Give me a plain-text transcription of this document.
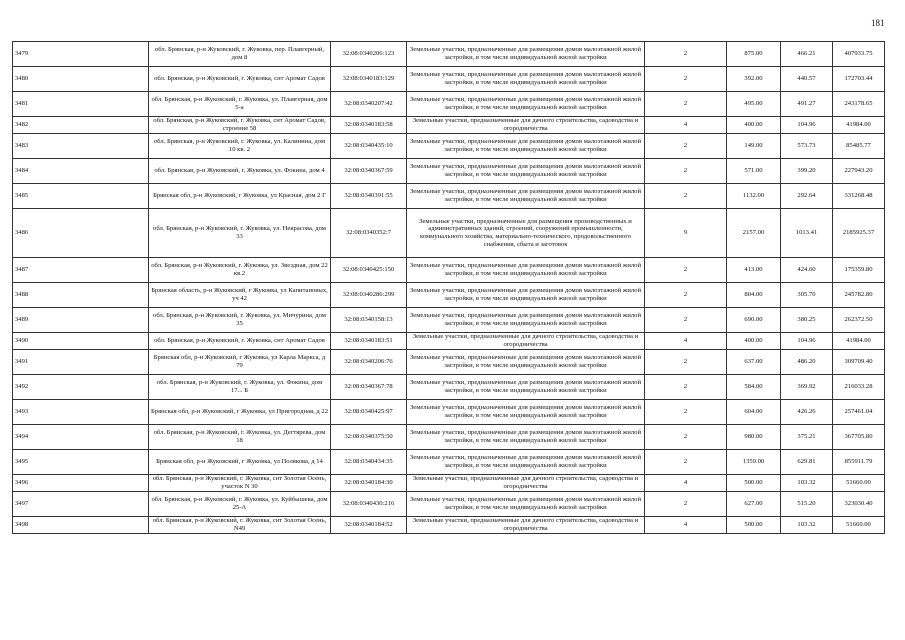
181
3479	обл. Брянская, р-н Жуковский, г. Жуковка, пер. Плавгерный, дом 8	32:08:0340206:123	Земельные участки, предназначенные для размещения домов малоэтажной жилой застройки, в том числе индивидуальной жилой застройки	2	875.00	466.21	407933.75
3480	обл. Брянская, р-н Жуковский, г. Жуковка, снт Аромат Садов	32:08:0340183:129	Земельные участки, предназначенные для размещения домов малоэтажной жилой застройки, в том числе индивидуальной жилой застройки	2	392.00	440.57	172703.44
3481	обл. Брянская, р-н Жуковский, г. Жуковка, ул. Плавгерная, дом 5-а	32:08:0340207:42	Земельные участки, предназначенные для размещения домов малоэтажной жилой застройки, в том числе индивидуальной жилой застройки	2	495.00	491.27	243178.65
3482	обл. Брянская, р-н Жуковский, г. Жуковка, снт Аромат Садов, строение 58	32:08:0340183:58	Земельные участки, предназначенные для дачного строительства, садоводства и огородничества	4	400.00	104.96	41984.00
3483	обл. Брянская, р-н Жуковский, г. Жуковка, ул. Калинина, дом 10 кв. 2	32:08:0340435:10	Земельные участки, предназначенные для размещения домов малоэтажной жилой застройки, в том числе индивидуальной жилой застройки	2	149.00	573.73	85485.77
3484	обл. Брянская, р-н Жуковский, г. Жуковка, ул. Фокина, дом 4	32:08:0340367:59	Земельные участки, предназначенные для размещения домов малоэтажной жилой застройки, в том числе индивидуальной жилой застройки	2	571.00	399.20	227943.20
3485	Брянская обл, р-н Жуковский, г Жуковка, ул Красная, дом 2 Г	32:08:0340391:55	Земельные участки, предназначенные для размещения домов малоэтажной жилой застройки, в том числе индивидуальной жилой застройки	2	1132.00	292.64	331268.48
3486	обл. Брянская, р-н Жуковский, г. Жуковка, ул. Некрасова, дом 33	32:08:0340352:7	Земельные участки, предназначенные для размещения производственных и административных зданий, строений, сооружений промышленности, коммунального хозяйства, материально-технического, продовольственного снабжения, сбыта и заготовок	9	2157.00	1013.41	2185925.37
3487	обл. Брянская, р-н Жуковский, г. Жуковка, ул. Звездная, дом 22 кв.2	32:08:0340425:150	Земельные участки, предназначенные для размещения домов малоэтажной жилой застройки, в том числе индивидуальной жилой застройки	2	413.00	424.60	175359.80
3488	Брянская область, р-н Жуковский, г Жуковка, ул Капитановых, уч 42	32:08:0340286:299	Земельные участки, предназначенные для размещения домов малоэтажной жилой застройки, в том числе индивидуальной жилой застройки	2	804.00	305.70	245782.80
3489	обл. Брянская, р-н Жуковский, г. Жуковка, ул. Мичурина, дом 35	32:08:0340158:13	Земельные участки, предназначенные для размещения домов малоэтажной жилой застройки, в том числе индивидуальной жилой застройки	2	690.00	380.25	262372.50
3490	обл. Брянская, р-н Жуковский, г. Жуковка, снт Аромат Садов	32:08:0340183:51	Земельные участки, предназначенные для дачного строительства, садоводства и огородничества	4	400.00	104.96	41984.00
3491	Брянская обл, р-н Жуковский, г Жуковка, ул Карла Маркса, д 79	32:08:0340206:76	Земельные участки, предназначенные для размещения домов малоэтажной жилой застройки, в том числе индивидуальной жилой застройки	2	637.00	486.20	309709.40
3492	обл. Брянская, р-н Жуковский, г. Жуковка, ул. Фокина, дом 17... Б	32:08:0340367:78	Земельные участки, предназначенные для размещения домов малоэтажной жилой застройки, в том числе индивидуальной жилой застройки	2	584.00	369.92	216033.28
3493	Брянская обл, р-н Жуковский, г Жуковка, ул Пригородная, д 22	32:08:0340425:97	Земельные участки, предназначенные для размещения домов малоэтажной жилой застройки, в том числе индивидуальной жилой застройки	2	604.00	426.26	257461.04
3494	обл. Брянская, р-н Жуковский, г. Жуковка, ул. Дегтярева, дом 18	32:08:0340375:50	Земельные участки, предназначенные для размещения домов малоэтажной жилой застройки, в том числе индивидуальной жилой застройки	2	980.00	375.21	367705.80
3495	Брянская обл, р-н Жуковский, г Жуковка, ул Полякова, д 14	32:08:0340434:35	Земельные участки, предназначенные для размещения домов малоэтажной жилой застройки, в том числе индивидуальной жилой застройки	2	1359.00	629.81	855911.79
3496	обл. Брянская, р-н Жуковский, г. Жуковка, снт Золотая Осень, участок N 30	32:08:0340184:30	Земельные участки, предназначенные для дачного строительства, садоводства и огородничества	4	500.00	103.32	51660.00
3497	обл. Брянская, р-н Жуковский, г. Жуковка, ул. Куйбышева, дом 25-А	32:08:0340430:216	Земельные участки, предназначенные для размещения домов малоэтажной жилой застройки, в том числе индивидуальной жилой застройки	2	627.00	515.20	323030.40
3498	обл. Брянская, р-н Жуковский, г. Жуковка, снт Золотая Осень, N49	32:08:0340184:52	Земельные участки, предназначенные для дачного строительства, садоводства и огородничества	4	500.00	103.32	51660.00
